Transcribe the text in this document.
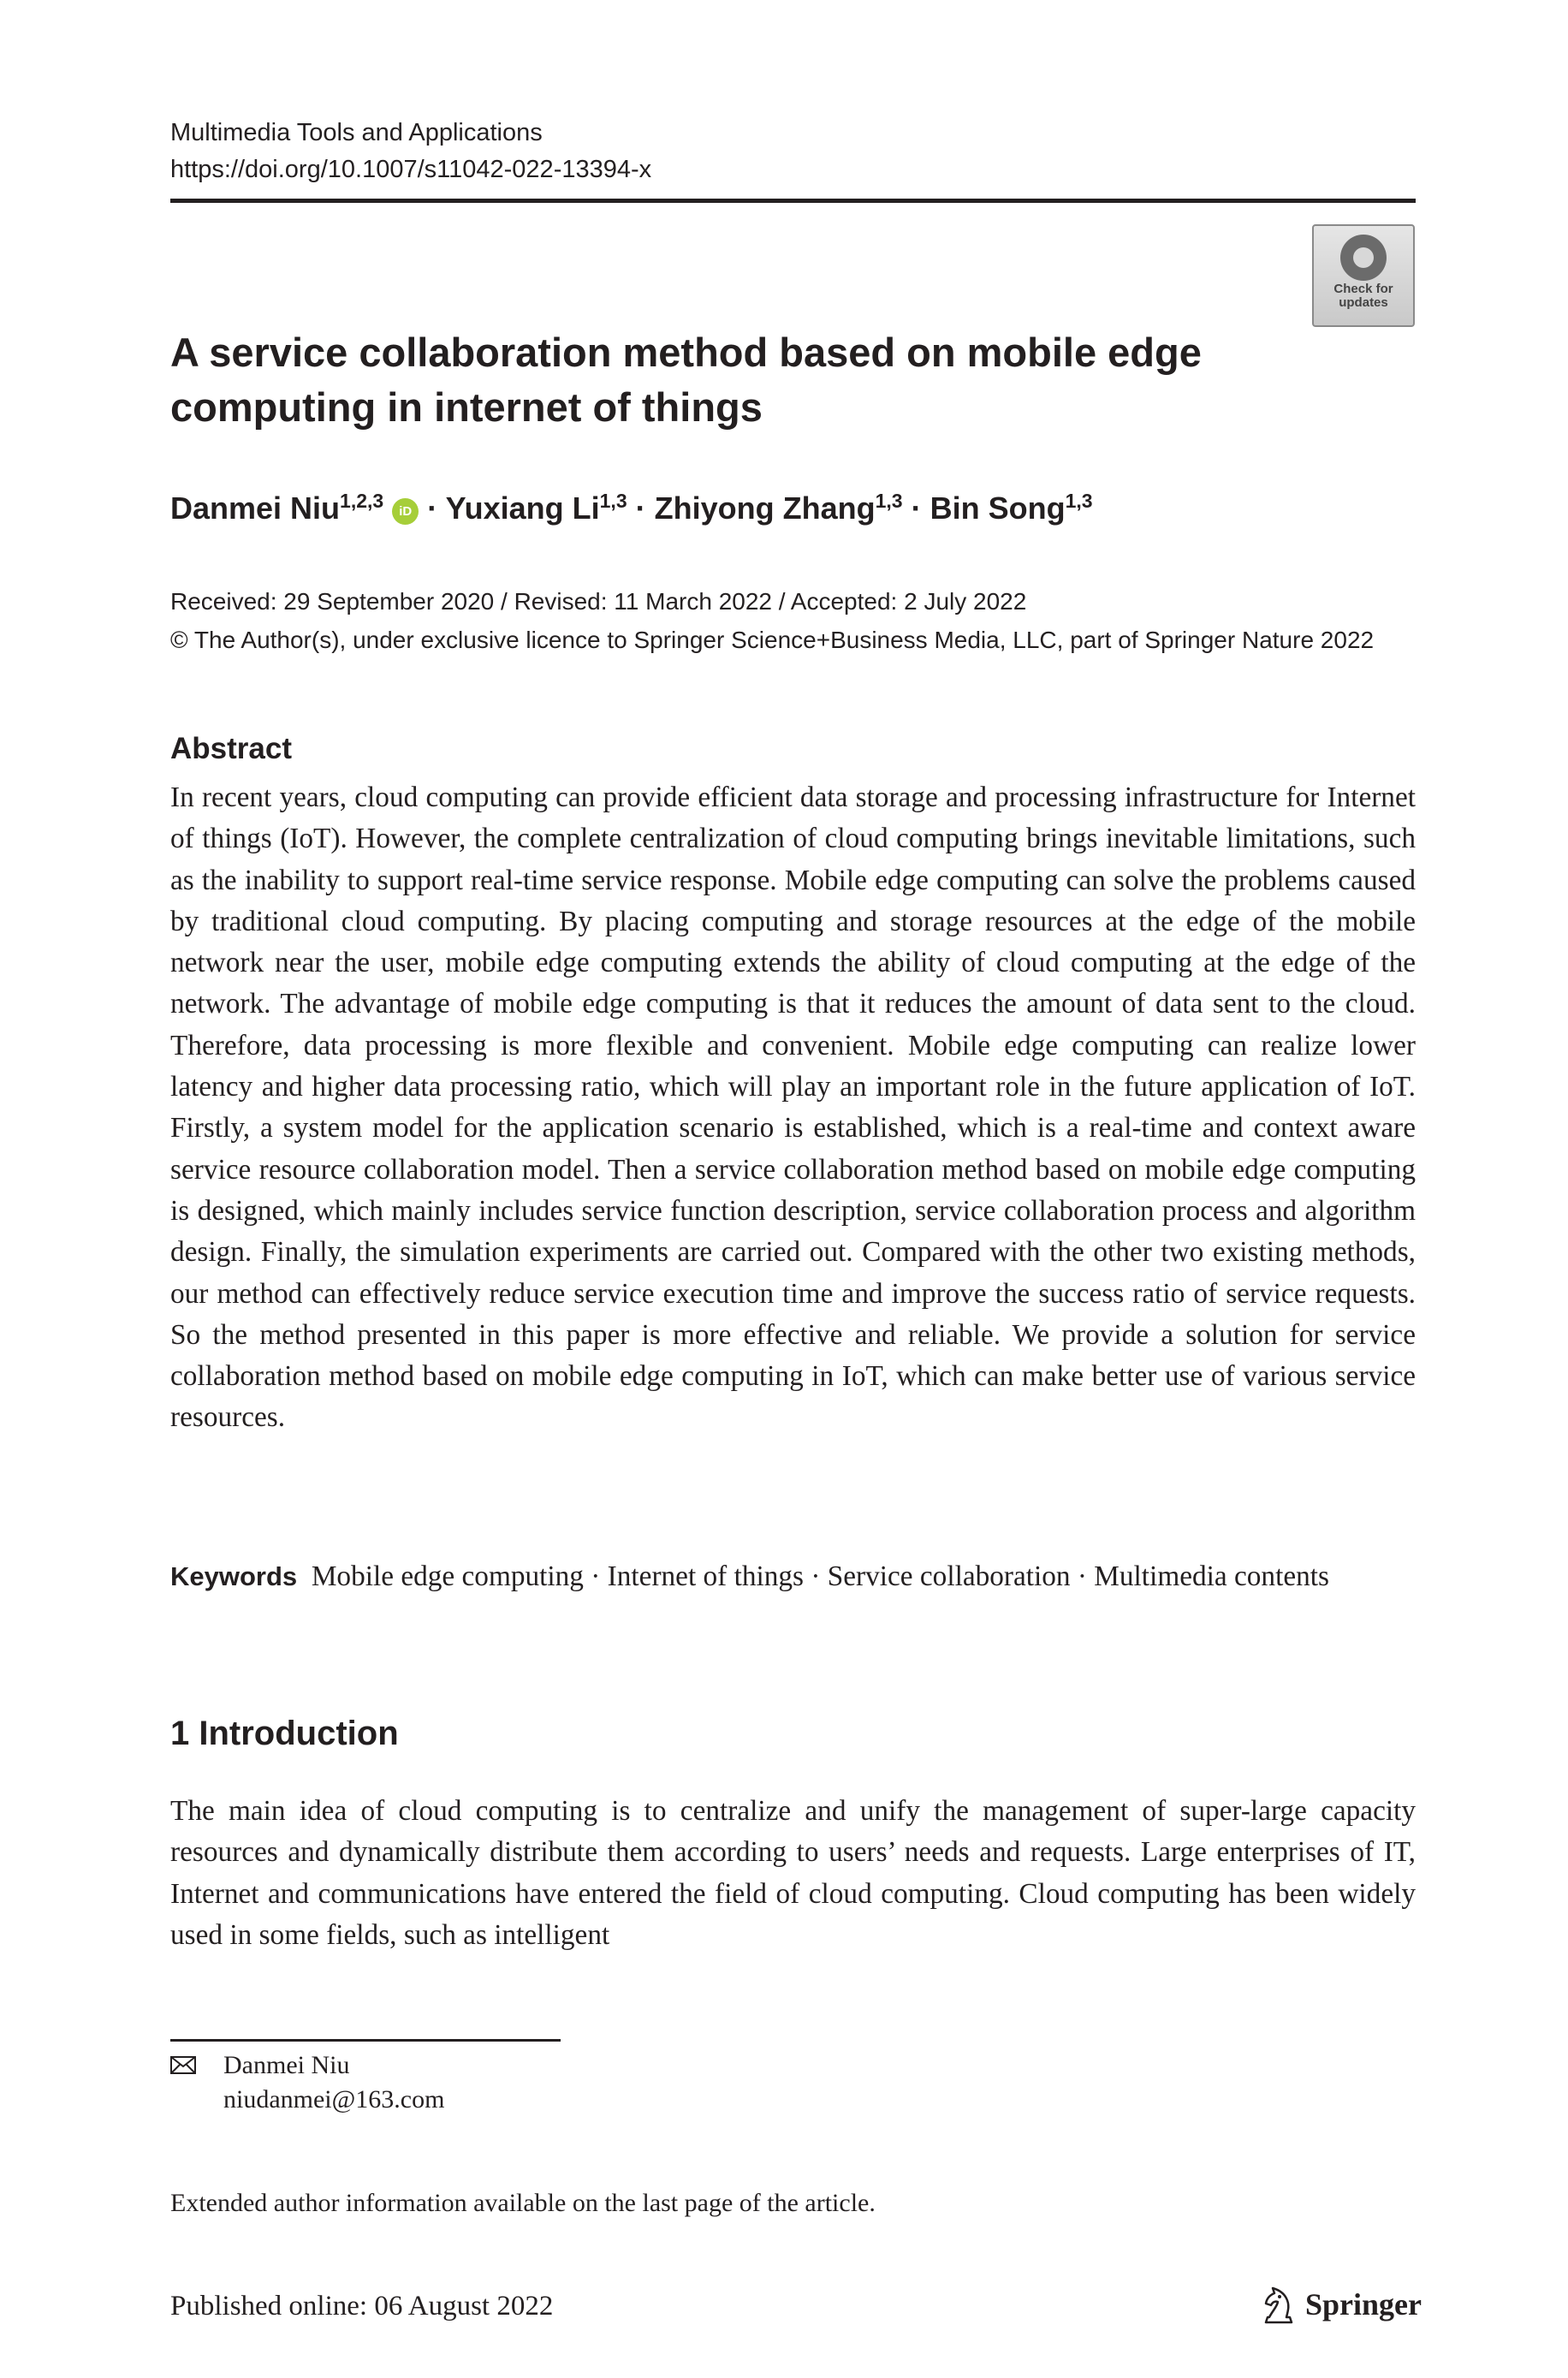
Multimedia Tools and Applications
https://doi.org/10.1007/s11042-022-13394-x
Check for
updates
A service collaboration method based on mobile edge
computing in internet of things
Danmei Niu$^{1,2,3}$ iD · Yuxiang Li$^{1,3}$ · Zhiyong Zhang$^{1,3}$ · Bin Song$^{1,3}$
Received: 29 September 2020 / Revised: 11 March 2022 / Accepted: 2 July 2022
© The Author(s), under exclusive licence to Springer Science+Business Media, LLC, part of Springer Nature 2022
Abstract

In recent years, cloud computing can provide efficient data storage and processing infrastructure for Internet of things (IoT). However, the complete centralization of cloud computing brings inevitable limitations, such as the inability to support real-time service response. Mobile edge computing can solve the problems caused by traditional cloud computing. By placing computing and storage resources at the edge of the mobile network near the user, mobile edge computing extends the ability of cloud computing at the edge of the network. The advantage of mobile edge computing is that it reduces the amount of data sent to the cloud. Therefore, data processing is more flexible and convenient. Mobile edge computing can realize lower latency and higher data processing ratio, which will play an important role in the future application of IoT. Firstly, a system model for the application scenario is established, which is a real-time and context aware service resource collaboration model. Then a service collaboration method based on mobile edge computing is designed, which mainly includes service function description, service collaboration process and algorithm design. Finally, the simulation experiments are carried out. Compared with the other two existing methods, our method can effectively reduce service execution time and improve the success ratio of service requests. So the method presented in this paper is more effective and reliable. We provide a solution for service collaboration method based on mobile edge computing in IoT, which can make better use of various service resources.

Keywords Mobile edge computing · Internet of things · Service collaboration · Multimedia contents

1 Introduction

The main idea of cloud computing is to centralize and unify the management of super-large capacity resources and dynamically distribute them according to users’ needs and requests. Large enterprises of IT, Internet and communications have entered the field of cloud computing. Cloud computing has been widely used in some fields, such as intelligent

Danmei Niu
niudanmei@163.com
Extended author information available on the last page of the article.
Published online: 06 August 2022	Springer
